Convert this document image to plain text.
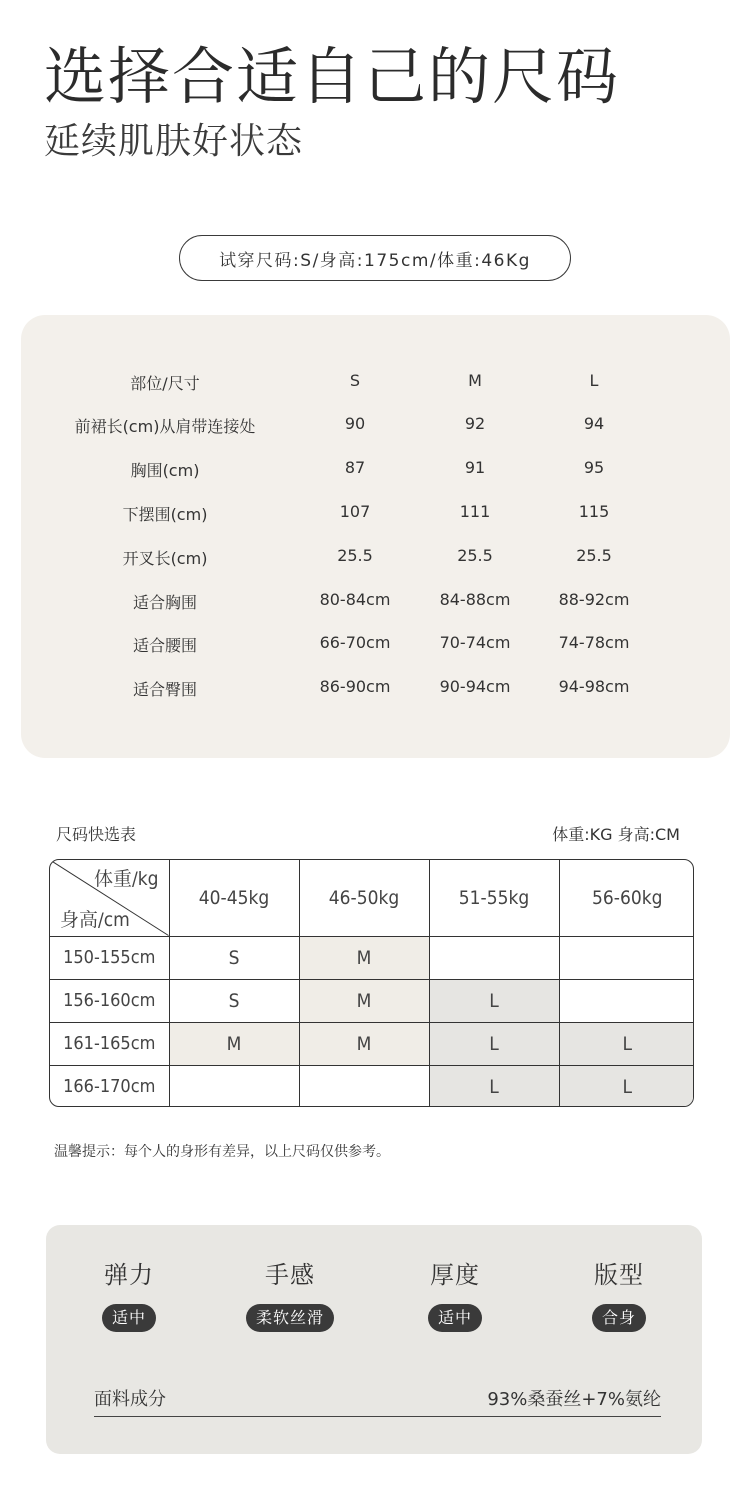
选择合适自己的尺码
延续肌肤好状态
试穿尺码:S/身高:175cm/体重:46Kg
部位/尺寸	S	M	L
前裙长(cm)从肩带连接处	90	92	94
胸围(cm)	87	91	95
下摆围(cm)	107	111	115
开叉长(cm)	25.5	25.5	25.5
适合胸围	80-84cm	84-88cm	88-92cm
适合腰围	66-70cm	70-74cm	74-78cm
适合臀围	86-90cm	90-94cm	94-98cm
尺码快选表	体重:KG 身高:CM
体重/kg
身高/cm	40-45kg	46-50kg	51-55kg	56-60kg
150-155cm	S	M		
156-160cm	S	M	L	
161-165cm	M	M	L	L
166-170cm			L	L
温馨提示：每个人的身形有差异，以上尺码仅供参考。
弹力
适中
手感
柔软丝滑
厚度
适中
版型
合身
面料成分	93%桑蚕丝+7%氨纶
